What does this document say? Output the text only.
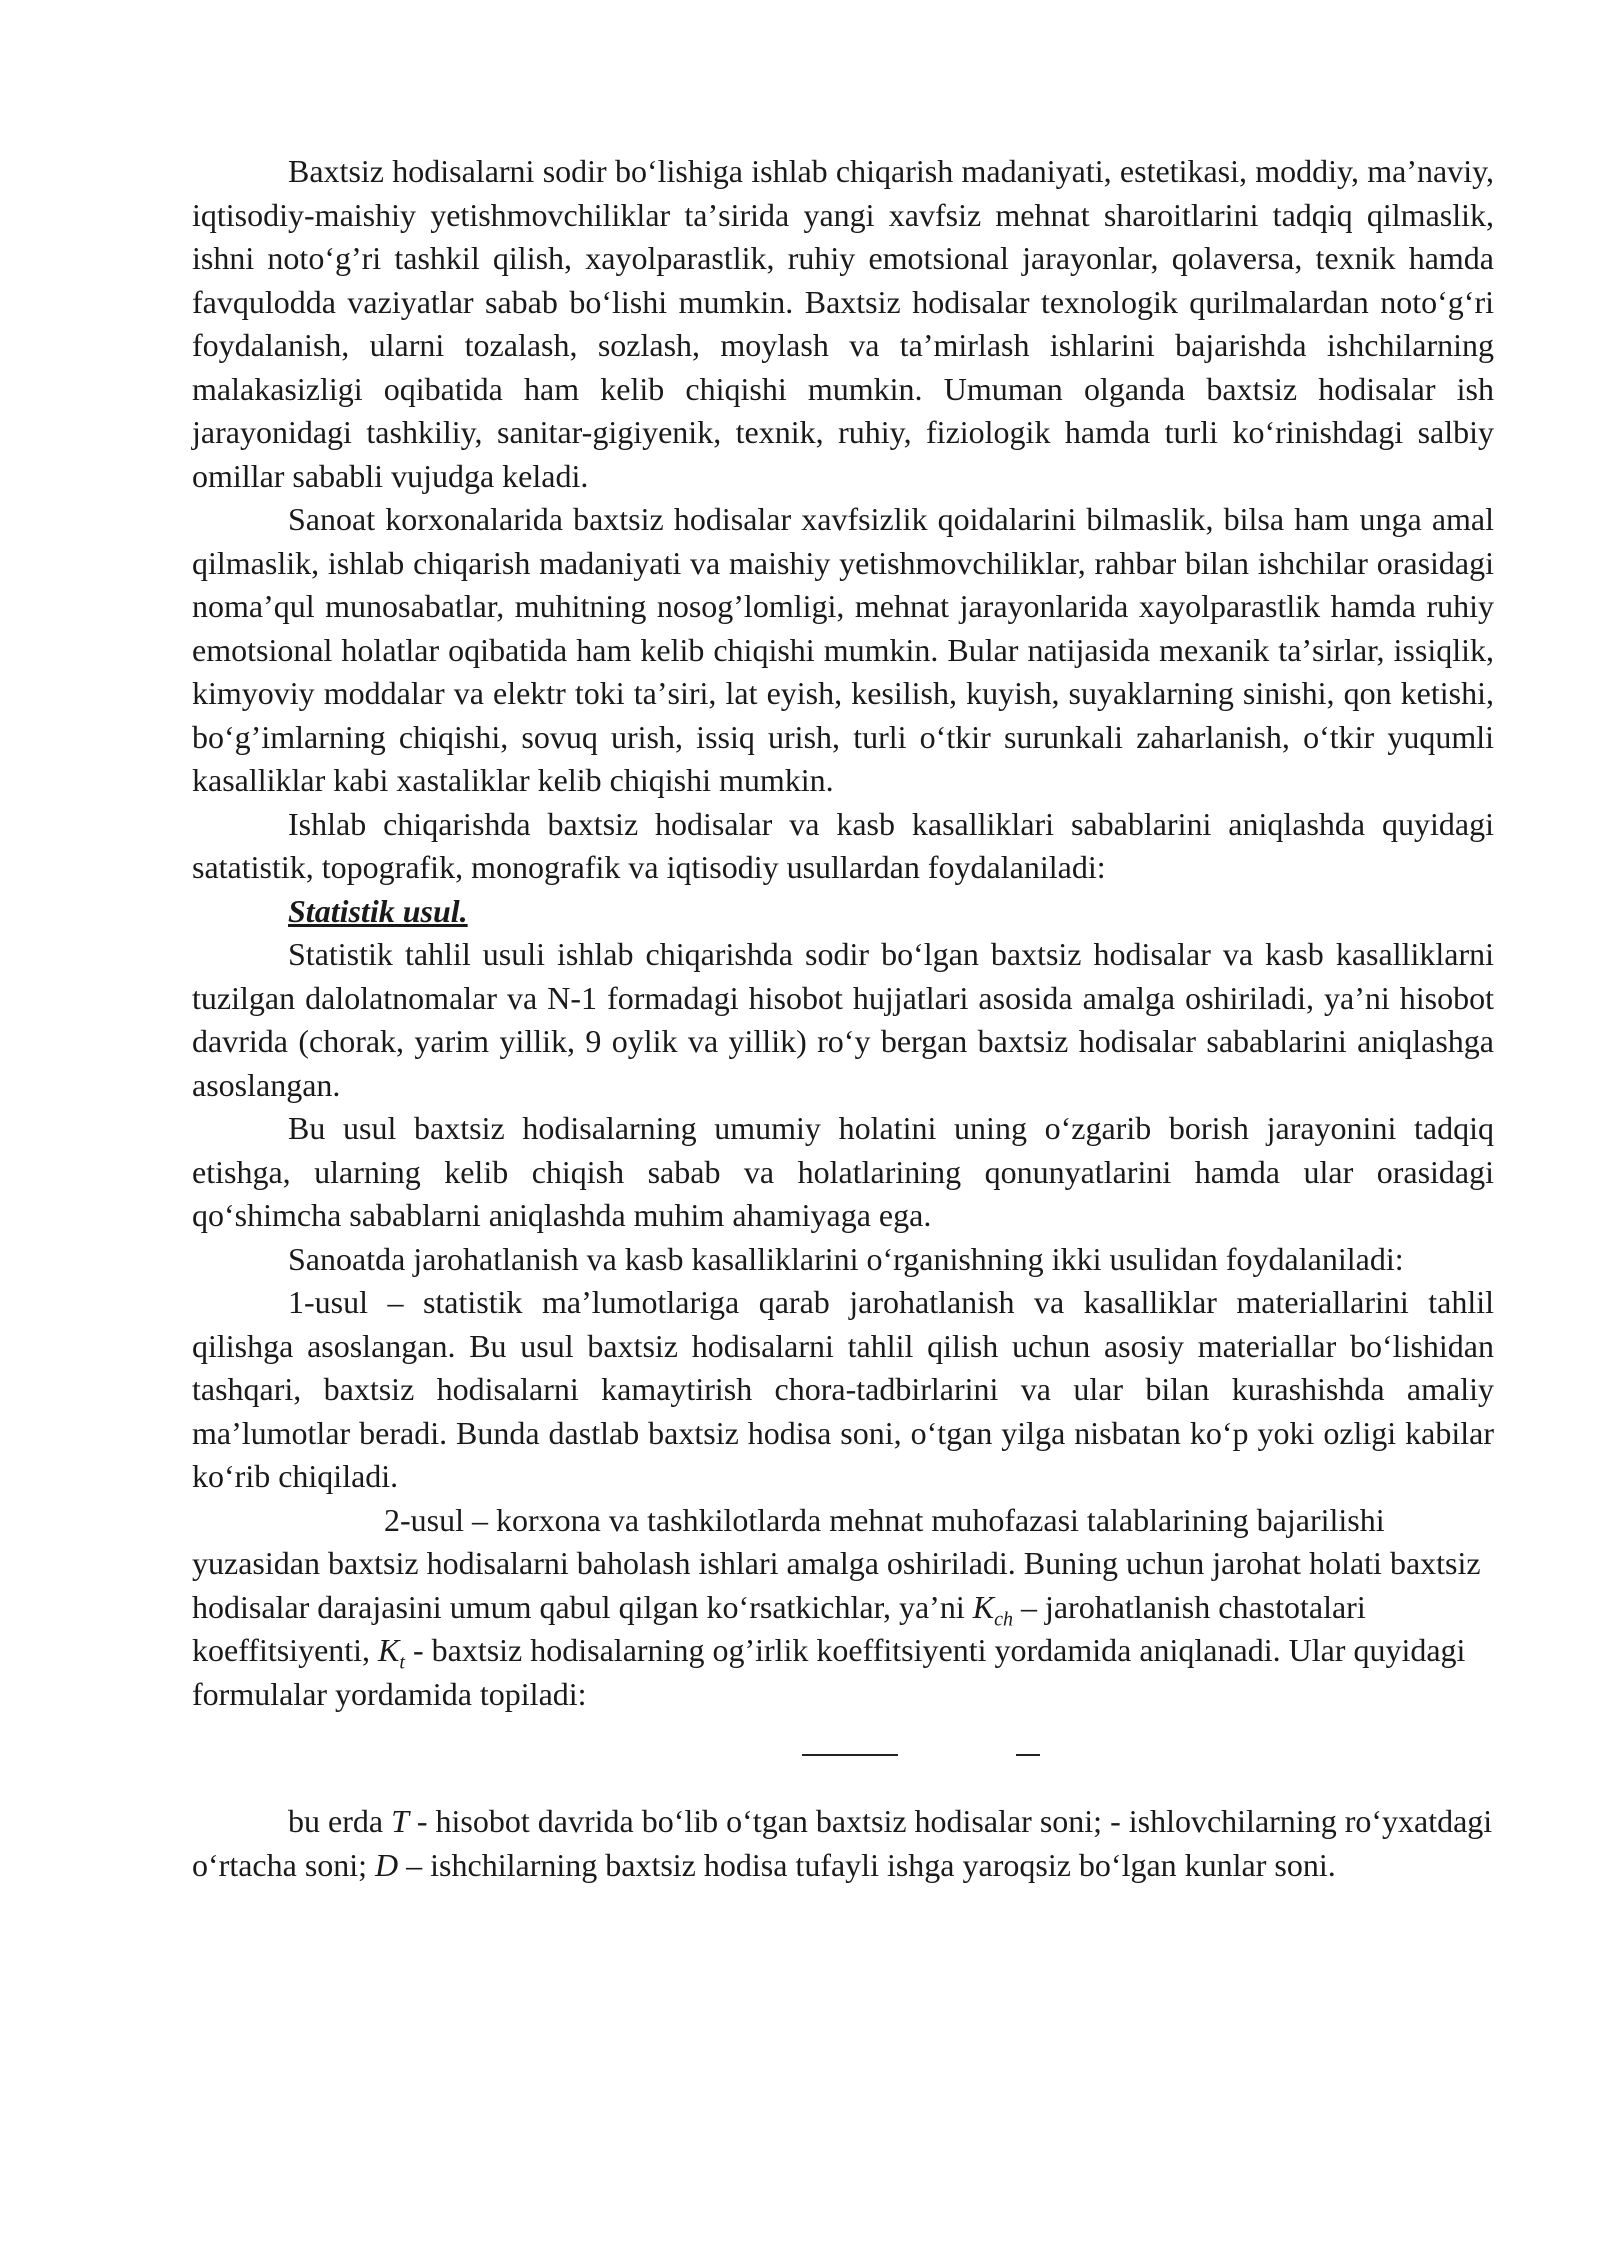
Baxtsiz hodisalarni sodir boʻlishiga ishlab chiqarish madaniyati, estetikasi, moddiy, maʼnaviy, iqtisodiy-maishiy yetishmovchiliklar taʼsirida yangi xavfsiz mehnat sharoitlarini tadqiq qilmaslik, ishni notoʻgʼri tashkil qilish, xayolparastlik, ruhiy emotsional jarayonlar, qolaversa, texnik hamda favqulodda vaziyatlar sabab boʻlishi mumkin. Baxtsiz hodisalar texnologik qurilmalardan notoʻgʻri foydalanish, ularni tozalash, sozlash, moylash va taʼmirlash ishlarini bajarishda ishchilarning malakasizligi oqibatida ham kelib chiqishi mumkin. Umuman olganda baxtsiz hodisalar ish jarayonidagi tashkiliy, sanitar-gigiyenik, texnik, ruhiy, fiziologik hamda turli koʻrinishdagi salbiy omillar sababli vujudga keladi.

Sanoat korxonalarida baxtsiz hodisalar xavfsizlik qoidalarini bilmaslik, bilsa ham unga amal qilmaslik, ishlab chiqarish madaniyati va maishiy yetishmovchiliklar, rahbar bilan ishchilar orasidagi nomaʼqul munosabatlar, muhitning nosogʼlomligi, mehnat jarayonlarida xayolparastlik hamda ruhiy emotsional holatlar oqibatida ham kelib chiqishi mumkin. Bular natijasida mexanik taʼsirlar, issiqlik, kimyoviy moddalar va elektr toki taʼsiri, lat eyish, kesilish, kuyish, suyaklarning sinishi, qon ketishi, boʻgʼimlarning chiqishi, sovuq urish, issiq urish, turli oʻtkir surunkali zaharlanish, oʻtkir yuqumli kasalliklar kabi xastaliklar kelib chiqishi mumkin.

Ishlab chiqarishda baxtsiz hodisalar va kasb kasalliklari sabablarini aniqlashda quyidagi satatistik, topografik, monografik va iqtisodiy usullardan foydalaniladi:

Statistik usul.

Statistik tahlil usuli ishlab chiqarishda sodir boʻlgan baxtsiz hodisalar va kasb kasalliklarni tuzilgan dalolatnomalar va N-1 formadagi hisobot hujjatlari asosida amalga oshiriladi, yaʼni hisobot davrida (chorak, yarim yillik, 9 oylik va yillik) roʻy bergan baxtsiz hodisalar sabablarini aniqlashga asoslangan.

Bu usul baxtsiz hodisalarning umumiy holatini uning oʻzgarib borish jarayonini tadqiq etishga, ularning kelib chiqish sabab va holatlarining qonunyatlarini hamda ular orasidagi qoʻshimcha sabablarni aniqlashda muhim ahamiyaga ega.

Sanoatda jarohatlanish va kasb kasalliklarini oʻrganishning ikki usulidan foydalaniladi:

1-usul – statistik maʼlumotlariga qarab jarohatlanish va kasalliklar materiallarini tahlil qilishga asoslangan. Bu usul baxtsiz hodisalarni tahlil qilish uchun asosiy materiallar boʻlishidan tashqari, baxtsiz hodisalarni kamaytirish chora-tadbirlarini va ular bilan kurashishda amaliy maʼlumotlar beradi. Bunda dastlab baxtsiz hodisa soni, oʻtgan yilga nisbatan koʻp yoki ozligi kabilar koʻrib chiqiladi.

2-usul – korxona va tashkilotlarda mehnat muhofazasi talablarining bajarilishi yuzasidan baxtsiz hodisalarni baholash ishlari amalga oshiriladi. Buning uchun jarohat holati baxtsiz hodisalar darajasini umum qabul qilgan koʻrsatkichlar, yaʼni $K_{ch}$ – jarohatlanish chastotalari koeffitsiyenti, $K_t$ - baxtsiz hodisalarning ogʼirlik koeffitsiyenti yordamida aniqlanadi. Ular quyidagi formulalar yordamida topiladi:

bu erda T - hisobot davrida boʻlib oʻtgan baxtsiz hodisalar soni; - ishlovchilarning roʻyxatdagi oʻrtacha soni; D – ishchilarning baxtsiz hodisa tufayli ishga yaroqsiz boʻlgan kunlar soni.
